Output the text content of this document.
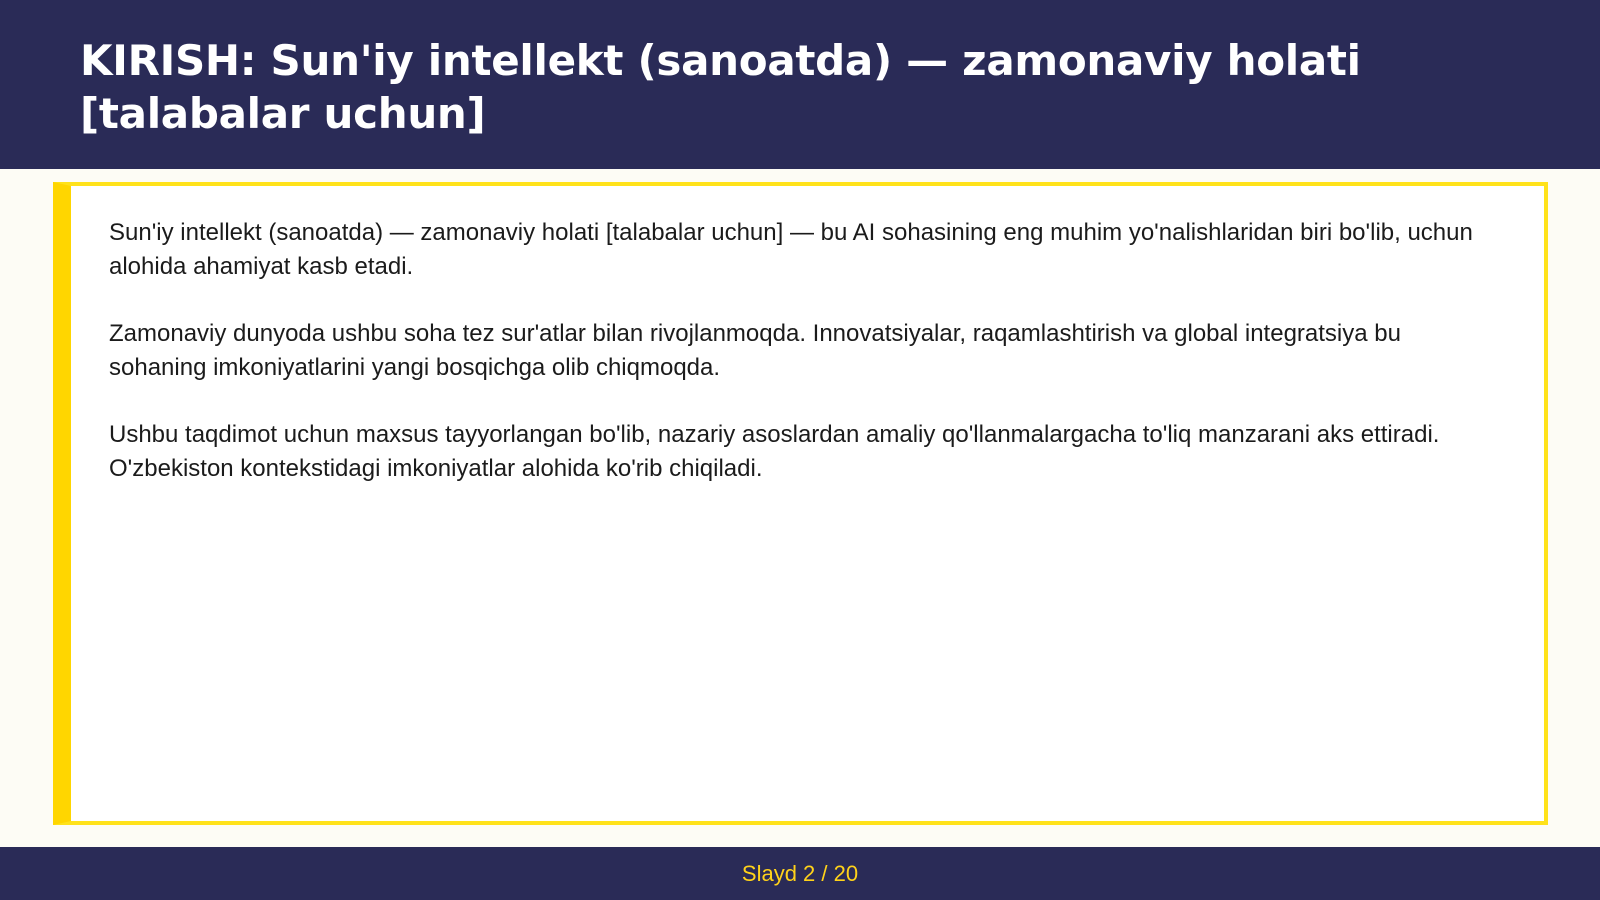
KIRISH: Sun'iy intellekt (sanoatda) — zamonaviy holati [talabalar uchun]

Sun'iy intellekt (sanoatda) — zamonaviy holati [talabalar uchun] — bu AI sohasining eng muhim yo'nalishlaridan biri bo'lib, uchun alohida ahamiyat kasb etadi.

Zamonaviy dunyoda ushbu soha tez sur'atlar bilan rivojlanmoqda. Innovatsiyalar, raqamlashtirish va global integratsiya bu sohaning imkoniyatlarini yangi bosqichga olib chiqmoqda.

Ushbu taqdimot uchun maxsus tayyorlangan bo'lib, nazariy asoslardan amaliy qo'llanmalargacha to'liq manzarani aks ettiradi. O'zbekiston kontekstidagi imkoniyatlar alohida ko'rib chiqiladi.

Slayd 2 / 20
